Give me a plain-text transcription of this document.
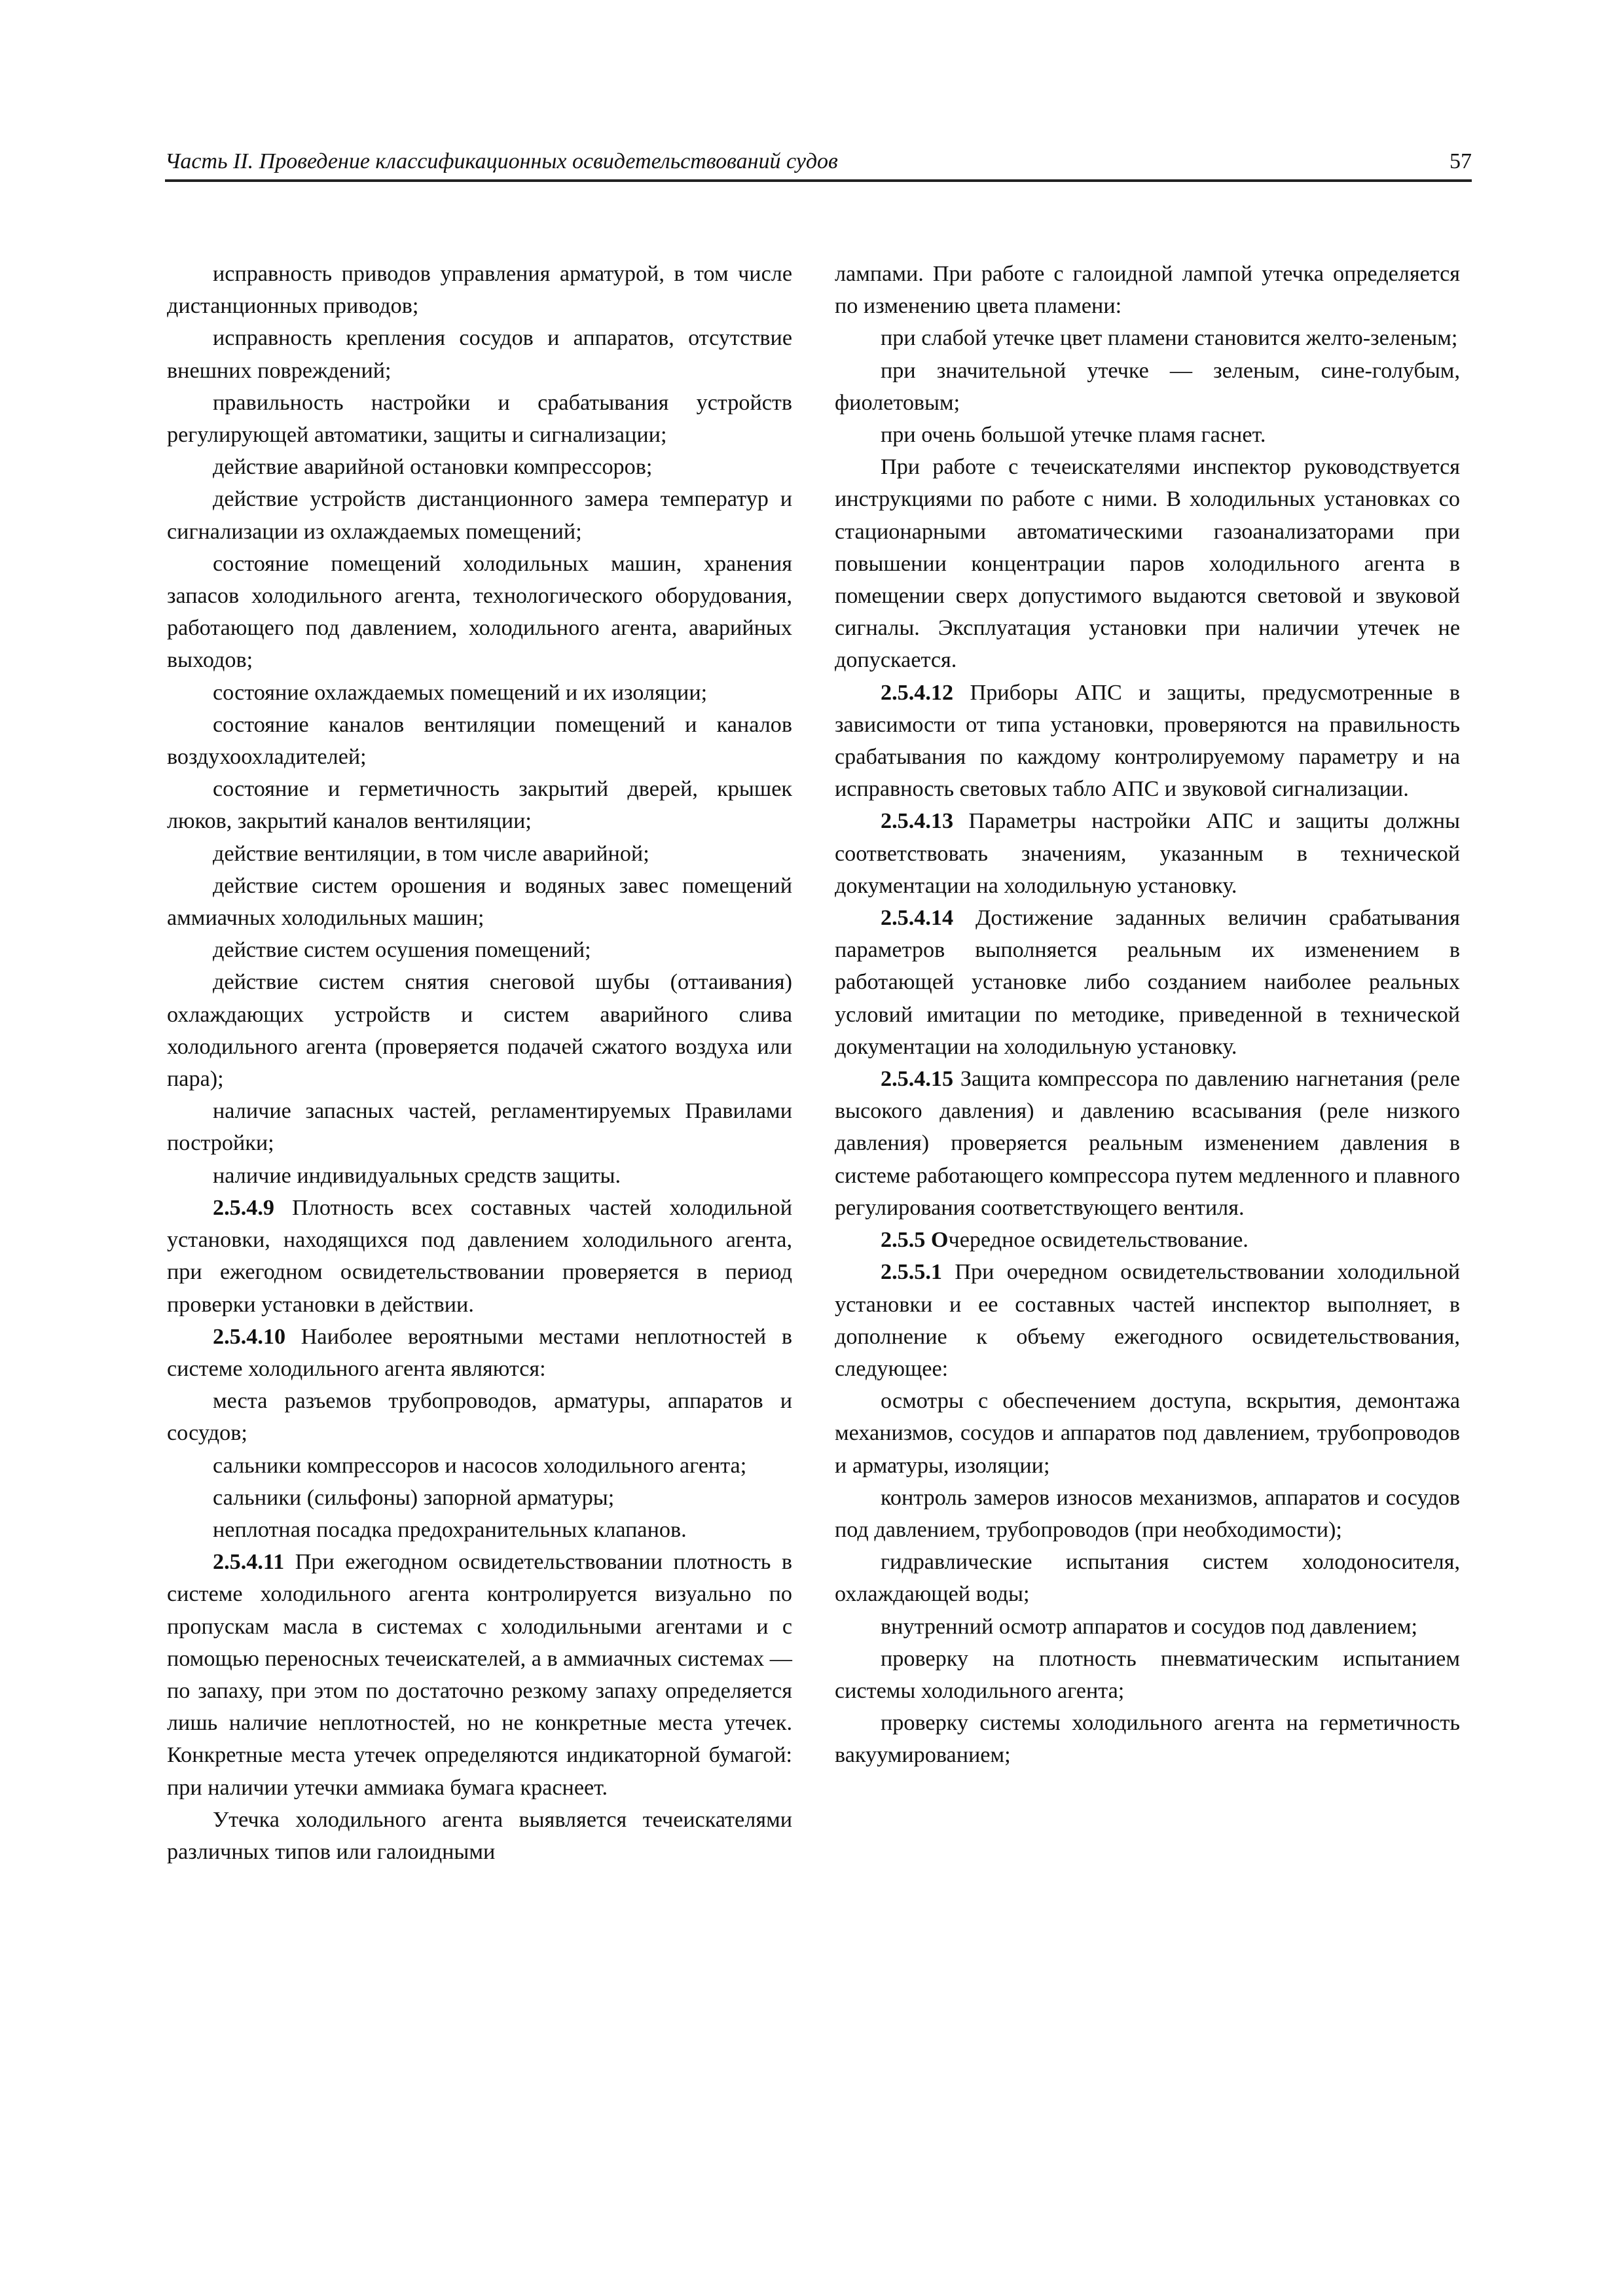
Часть II. Проведение классификационных освидетельствований судов	57

исправность приводов управления арматурой, в том числе дистанционных приводов;

исправность крепления сосудов и аппаратов, отсутствие внешних повреждений;

правильность настройки и срабатывания устройств регулирующей автоматики, защиты и сигнализации;

действие аварийной остановки компрессоров;

действие устройств дистанционного замера температур и сигнализации из охлаждаемых помещений;

состояние помещений холодильных машин, хранения запасов холодильного агента, технологического оборудования, работающего под давлением, холодильного агента, аварийных выходов;

состояние охлаждаемых помещений и их изоляции;

состояние каналов вентиляции помещений и каналов воздухоохладителей;

состояние и герметичность закрытий дверей, крышек люков, закрытий каналов вентиляции;

действие вентиляции, в том числе аварийной;

действие систем орошения и водяных завес помещений аммиачных холодильных машин;

действие систем осушения помещений;

действие систем снятия снеговой шубы (оттаивания) охлаждающих устройств и систем аварийного слива холодильного агента (проверяется подачей сжатого воздуха или пара);

наличие запасных частей, регламентируемых Правилами постройки;

наличие индивидуальных средств защиты.

2.5.4.9 Плотность всех составных частей холодильной установки, находящихся под давлением холодильного агента, при ежегодном освидетельствовании проверяется в период проверки установки в действии.

2.5.4.10 Наиболее вероятными местами неплотностей в системе холодильного агента являются:

места разъемов трубопроводов, арматуры, аппаратов и сосудов;

сальники компрессоров и насосов холодильного агента;

сальники (сильфоны) запорной арматуры;

неплотная посадка предохранительных клапанов.

2.5.4.11 При ежегодном освидетельствовании плотность в системе холодильного агента контролируется визуально по пропускам масла в системах с холодильными агентами и с помощью переносных течеискателей, а в аммиачных системах — по запаху, при этом по достаточно резкому запаху определяется лишь наличие неплотностей, но не конкретные места утечек. Конкретные места утечек определяются индикаторной бумагой: при наличии утечки аммиака бумага краснеет.

Утечка холодильного агента выявляется течеискателями различных типов или галоидными

лампами. При работе с галоидной лампой утечка определяется по изменению цвета пламени:

при слабой утечке цвет пламени становится желто-зеленым;

при значительной утечке — зеленым, сине-голубым, фиолетовым;

при очень большой утечке пламя гаснет.

При работе с течеискателями инспектор руководствуется инструкциями по работе с ними. В холодильных установках со стационарными автоматическими газоанализаторами при повышении концентрации паров холодильного агента в помещении сверх допустимого выдаются световой и звуковой сигналы. Эксплуатация установки при наличии утечек не допускается.

2.5.4.12 Приборы АПС и защиты, предусмотренные в зависимости от типа установки, проверяются на правильность срабатывания по каждому контролируемому параметру и на исправность световых табло АПС и звуковой сигнализации.

2.5.4.13 Параметры настройки АПС и защиты должны соответствовать значениям, указанным в технической документации на холодильную установку.

2.5.4.14 Достижение заданных величин срабатывания параметров выполняется реальным их изменением в работающей установке либо созданием наиболее реальных условий имитации по методике, приведенной в технической документации на холодильную установку.

2.5.4.15 Защита компрессора по давлению нагнетания (реле высокого давления) и давлению всасывания (реле низкого давления) проверяется реальным изменением давления в системе работающего компрессора путем медленного и плавного регулирования соответствующего вентиля.

2.5.5 Очередное освидетельствование.

2.5.5.1 При очередном освидетельствовании холодильной установки и ее составных частей инспектор выполняет, в дополнение к объему ежегодного освидетельствования, следующее:

осмотры с обеспечением доступа, вскрытия, демонтажа механизмов, сосудов и аппаратов под давлением, трубопроводов и арматуры, изоляции;

контроль замеров износов механизмов, аппаратов и сосудов под давлением, трубопроводов (при необходимости);

гидравлические испытания систем холодоносителя, охлаждающей воды;

внутренний осмотр аппаратов и сосудов под давлением;

проверку на плотность пневматическим испытанием системы холодильного агента;

проверку системы холодильного агента на герметичность вакуумированием;
